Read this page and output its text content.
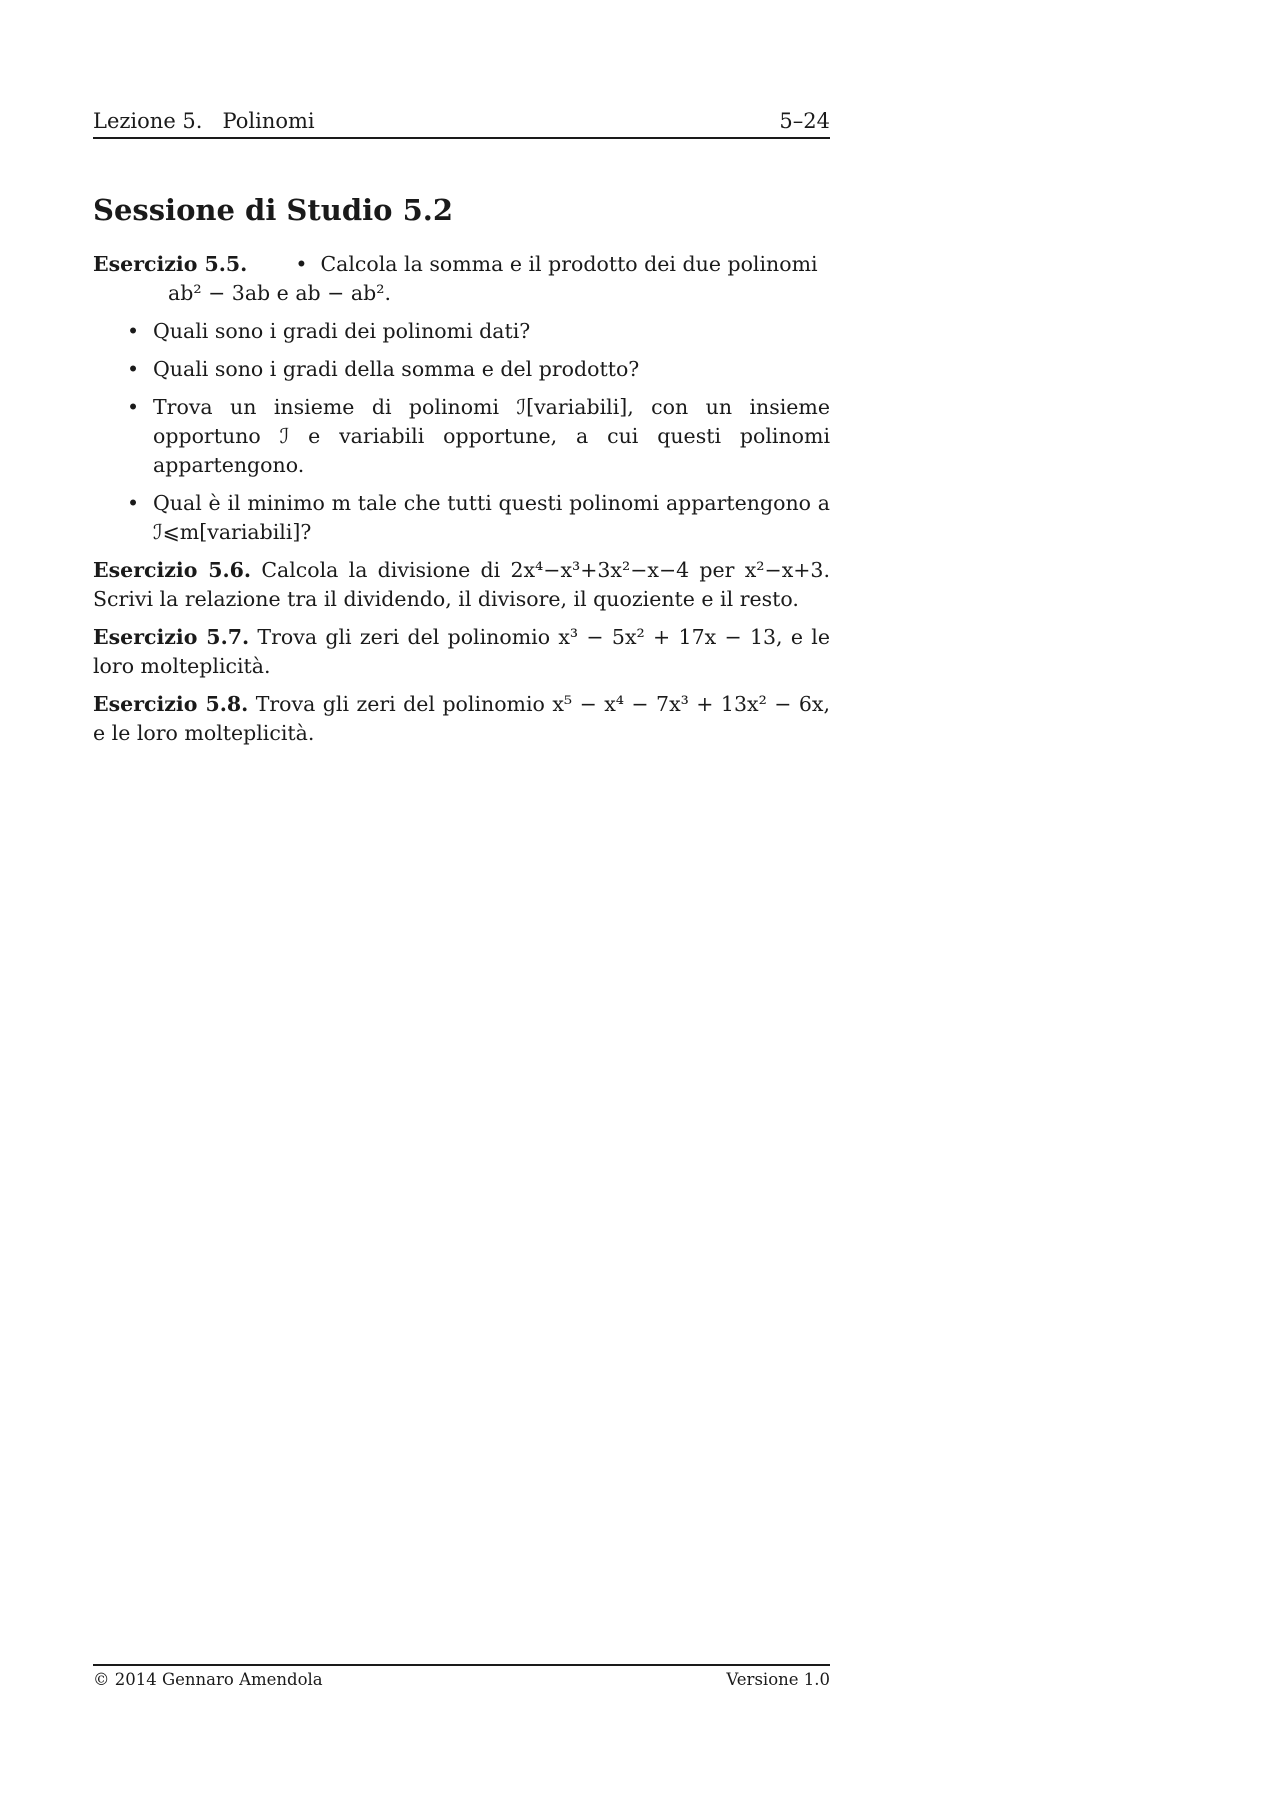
Lezione 5.   Polinomi	5–24
Sessione di Studio 5.2
Esercizio 5.5. • Calcola la somma e il prodotto dei due polinomi

ab² − 3ab e ab − ab².

• Quali sono i gradi dei polinomi dati?
• Quali sono i gradi della somma e del prodotto?
• Trova un insieme di polinomi ℐ[variabili], con un insieme opportuno ℐ e variabili opportune, a cui questi polinomi appartengono.
• Qual è il minimo m tale che tutti questi polinomi appartengono a ℐ⩽m[variabili]?

Esercizio 5.6. Calcola la divisione di 2x⁴−x³+3x²−x−4 per x²−x+3. Scrivi la relazione tra il dividendo, il divisore, il quoziente e il resto.

Esercizio 5.7. Trova gli zeri del polinomio x³ − 5x² + 17x − 13, e le loro molteplicità.

Esercizio 5.8. Trova gli zeri del polinomio x⁵ − x⁴ − 7x³ + 13x² − 6x, e le loro molteplicità.

© 2014 Gennaro Amendola	Versione 1.0
